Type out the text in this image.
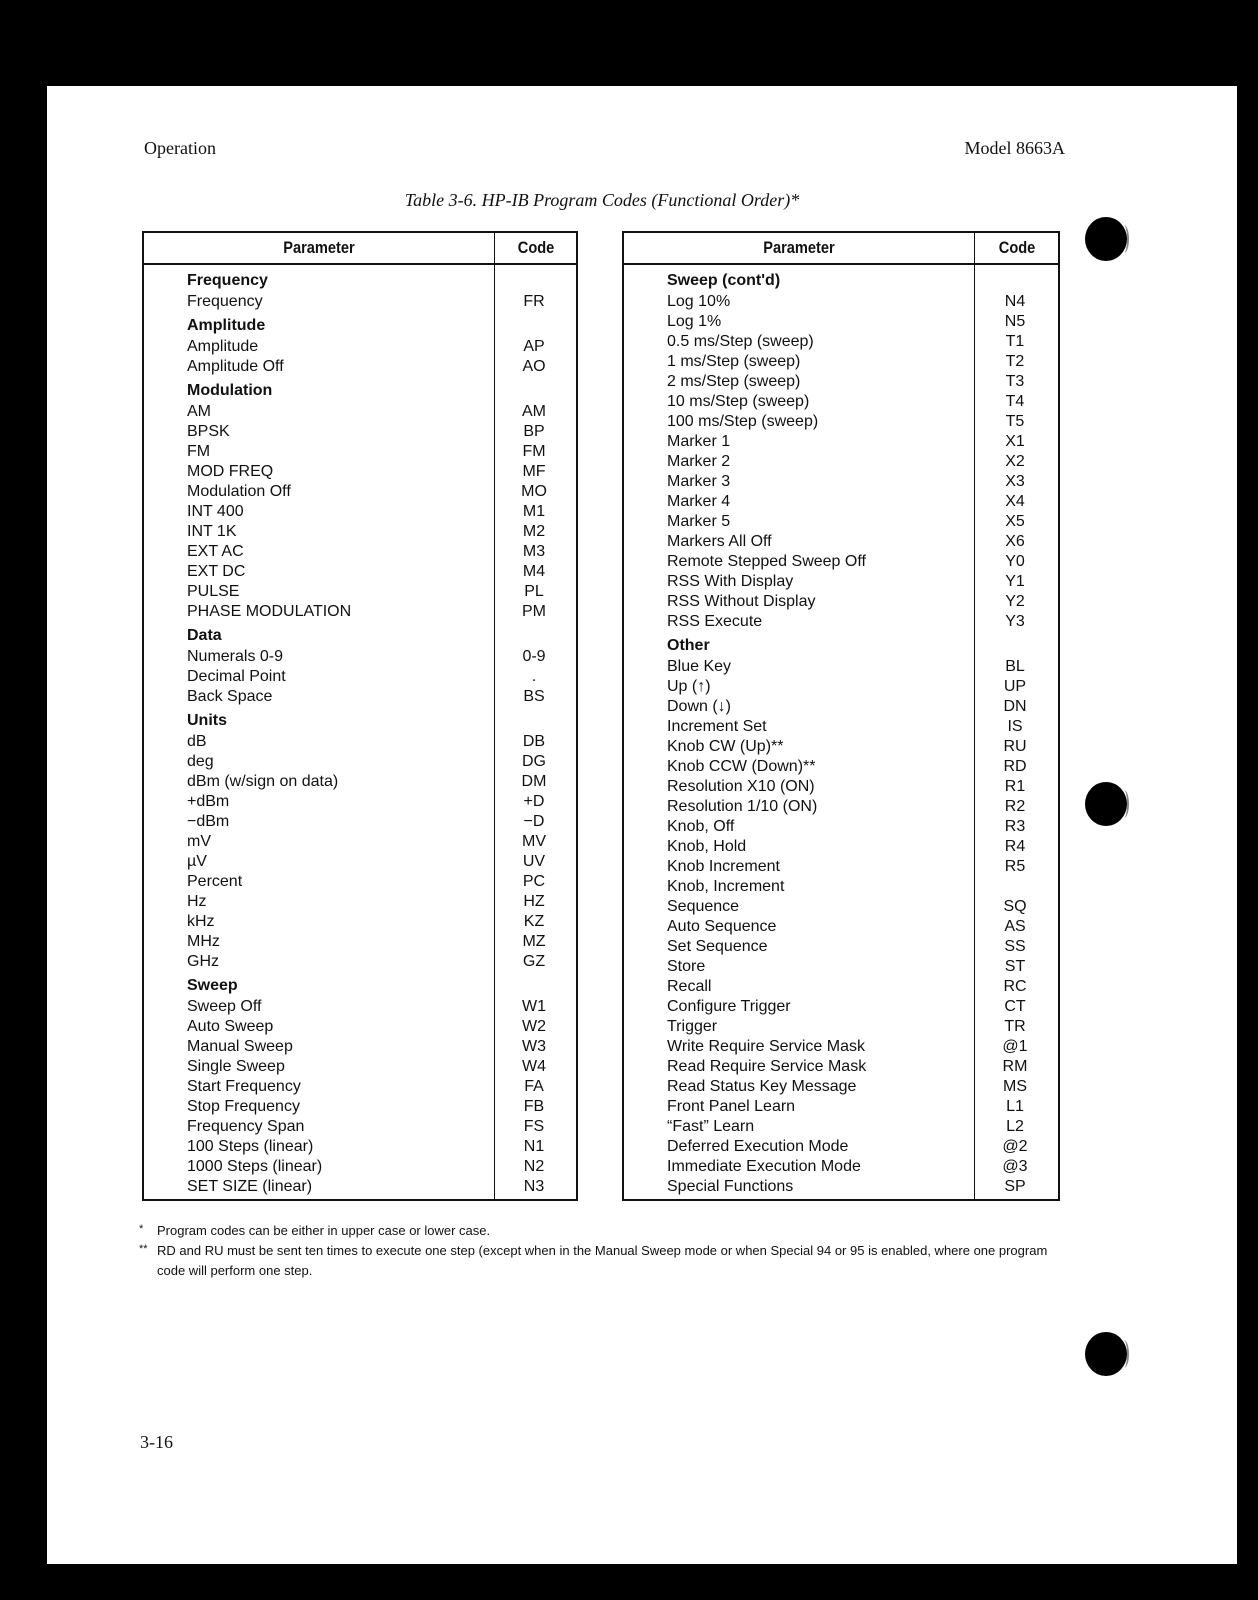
Operation	Model 8663A
Table 3-6. HP-IB Program Codes (Functional Order)*
Parameter	Code
Frequency	
Frequency	FR
Amplitude	
Amplitude	AP
Amplitude Off	AO
Modulation	
AM	AM
BPSK	BP
FM	FM
MOD FREQ	MF
Modulation Off	MO
INT 400	M1
INT 1K	M2
EXT AC	M3
EXT DC	M4
PULSE	PL
PHASE MODULATION	PM
Data	
Numerals 0-9	0-9
Decimal Point	.
Back Space	BS
Units	
dB	DB
deg	DG
dBm (w/sign on data)	DM
+dBm	+D
−dBm	−D
mV	MV
µV	UV
Percent	PC
Hz	HZ
kHz	KZ
MHz	MZ
GHz	GZ
Sweep	
Sweep Off	W1
Auto Sweep	W2
Manual Sweep	W3
Single Sweep	W4
Start Frequency	FA
Stop Frequency	FB
Frequency Span	FS
100 Steps (linear)	N1
1000 Steps (linear)	N2
SET SIZE (linear)	N3
Parameter	Code
Sweep (cont'd)	
Log 10%	N4
Log 1%	N5
0.5 ms/Step (sweep)	T1
1 ms/Step (sweep)	T2
2 ms/Step (sweep)	T3
10 ms/Step (sweep)	T4
100 ms/Step (sweep)	T5
Marker 1	X1
Marker 2	X2
Marker 3	X3
Marker 4	X4
Marker 5	X5
Markers All Off	X6
Remote Stepped Sweep Off	Y0
RSS With Display	Y1
RSS Without Display	Y2
RSS Execute	Y3
Other	
Blue Key	BL
Up (↑)	UP
Down (↓)	DN
Increment Set	IS
Knob CW (Up)**	RU
Knob CCW (Down)**	RD
Resolution X10 (ON)	R1
Resolution 1/10 (ON)	R2
Knob, Off	R3
Knob, Hold	R4
Knob Increment	R5
Knob, Increment	
Sequence	SQ
Auto Sequence	AS
Set Sequence	SS
Store	ST
Recall	RC
Configure Trigger	CT
Trigger	TR
Write Require Service Mask	@1
Read Require Service Mask	RM
Read Status Key Message	MS
Front Panel Learn	L1
“Fast” Learn	L2
Deferred Execution Mode	@2
Immediate Execution Mode	@3
Special Functions	SP
* Program codes can be either in upper case or lower case.
** RD and RU must be sent ten times to execute one step (except when in the Manual Sweep mode or when Special 94 or 95 is enabled, where one program code will perform one step.
3-16
